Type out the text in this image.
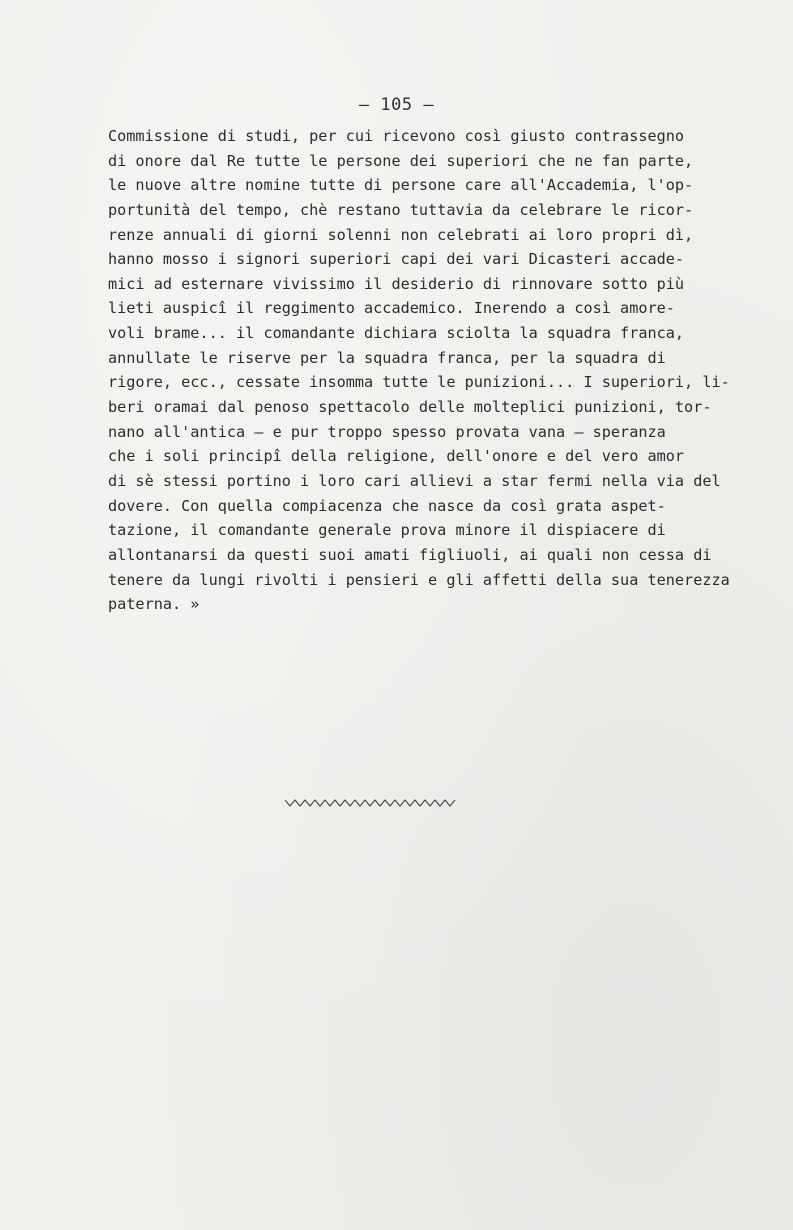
— 105 —
Commissione di studi, per cui ricevono così giusto contrassegno
di onore dal Re tutte le persone dei superiori che ne fan parte,
le nuove altre nomine tutte di persone care all'Accademia, l'op-
portunità del tempo, chè restano tuttavia da celebrare le ricor-
renze annuali di giorni solenni non celebrati ai loro propri dì,
hanno mosso i signori superiori capi dei vari Dicasteri accade-
mici ad esternare vivissimo il desiderio di rinnovare sotto più
lieti auspicî il reggimento accademico. Inerendo a così amore-
voli brame... il comandante dichiara sciolta la squadra franca,
annullate le riserve per la squadra franca, per la squadra di
rigore, ecc., cessate insomma tutte le punizioni... I superiori, li-
beri oramai dal penoso spettacolo delle molteplici punizioni, tor-
nano all'antica — e pur troppo spesso provata vana — speranza
che i soli principî della religione, dell'onore e del vero amor
di sè stessi portino i loro cari allievi a star fermi nella via del
dovere. Con quella compiacenza che nasce da così grata aspet-
tazione, il comandante generale prova minore il dispiacere di
allontanarsi da questi suoi amati figliuoli, ai quali non cessa di
tenere da lungi rivolti i pensieri e gli affetti della sua tenerezza
paterna. »
